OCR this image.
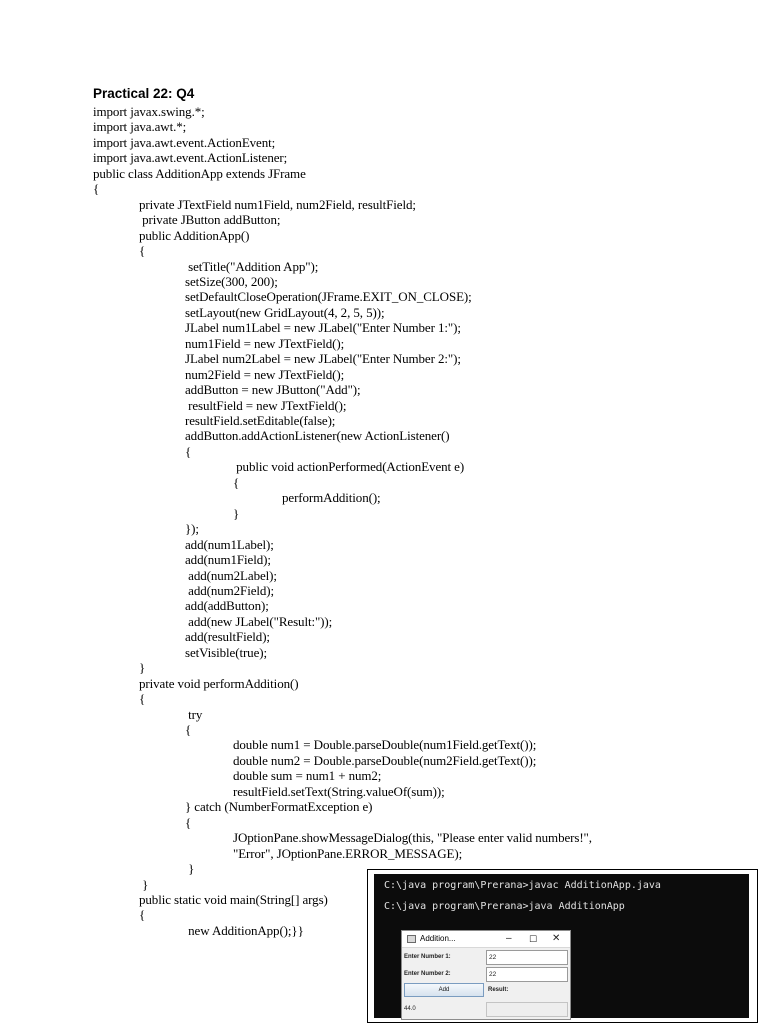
Practical 22: Q4
import javax.swing.*;
import java.awt.*;
import java.awt.event.ActionEvent;
import java.awt.event.ActionListener;
public class AdditionApp extends JFrame
{
private JTextField num1Field, num2Field, resultField;
private JButton addButton;
public AdditionApp()
{
setTitle("Addition App");
setSize(300, 200);
setDefaultCloseOperation(JFrame.EXIT_ON_CLOSE);
setLayout(new GridLayout(4, 2, 5, 5));
JLabel num1Label = new JLabel("Enter Number 1:");
num1Field = new JTextField();
JLabel num2Label = new JLabel("Enter Number 2:");
num2Field = new JTextField();
addButton = new JButton("Add");
resultField = new JTextField();
resultField.setEditable(false);
addButton.addActionListener(new ActionListener()
{
public void actionPerformed(ActionEvent e)
{
performAddition();
}
});
add(num1Label);
add(num1Field);
add(num2Label);
add(num2Field);
add(addButton);
add(new JLabel("Result:"));
add(resultField);
setVisible(true);
}
private void performAddition()
{
try
{
double num1 = Double.parseDouble(num1Field.getText());
double num2 = Double.parseDouble(num2Field.getText());
double sum = num1 + num2;
resultField.setText(String.valueOf(sum));
} catch (NumberFormatException e)
{
JOptionPane.showMessageDialog(this, "Please enter valid numbers!",
"Error", JOptionPane.ERROR_MESSAGE);
}
}
public static void main(String[] args)
{
new AdditionApp();}}
C:\java program\Prerana>javac AdditionApp.java
C:\java program\Prerana>java AdditionApp
Addition...	– ☐ ✕
Enter Number 1:	22
Enter Number 2:	22
Add	Result:
44.0
